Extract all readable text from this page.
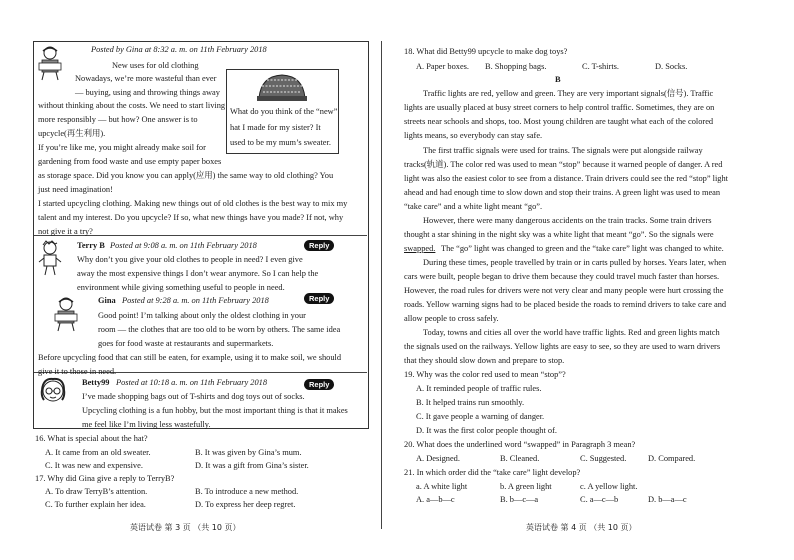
Posted by Gina at 8:32 a. m. on 11th February 2018
New uses for old clothing
What do you think of the “new”
hat I made for my sister? It
used to be my mum’s sweater.
Nowadays, we’re more wasteful than ever
— buying, using and throwing things away
without thinking about the costs. We need to start living
more responsibly — but how? One answer is to
upcycle(再生利用).
If you’re like me, you might already make soil for
gardening from food waste and use empty paper boxes
as storage space. Did you know you can apply(应用) the same way to old clothing? You
just need imagination!
I started upcycling clothing. Making new things out of old clothes is the best way to mix my
talent and my interest. Do you upcycle? If so, what new things have you made? If not, why
not give it a try?
Terry B Posted at 9:08 a. m. on 11th February 2018	Reply
Why don’t you give your old clothes to people in need? I even give
away the most expensive things I don’t wear anymore. So I can help the
environment while giving something useful to people in need.
Gina Posted at 9:28 a. m. on 11th February 2018	Reply
Good point! I’m talking about only the oldest clothing in your
room — the clothes that are too old to be worn by others. The same idea
goes for food waste at restaurants and supermarkets.
Before upcycling food that can still be eaten, for example, using it to make soil, we should
give it to those in need.
Betty99 Posted at 10:18 a. m. on 11th February 2018	Reply
I’ve made shopping bags out of T-shirts and dog toys out of socks.
Upcycling clothing is a fun hobby, but the most important thing is that it makes
me feel like I’m living less wastefully.
16. What is special about the hat?
A. It came from an old sweater.	B. It was given by Gina’s mum.
C. It was new and expensive.	D. It was a gift from Gina’s sister.
17. Why did Gina give a reply to TerryB?
A. To draw TerryB’s attention.	B. To introduce a new method.
C. To further explain her idea.	D. To express her deep regret.
英语试卷 第 3 页 （共 10 页）
18. What did Betty99 upcycle to make dog toys?
A. Paper boxes. B. Shopping bags.	C. T-shirts.	D. Socks.
B
Traffic lights are red, yellow and green. They are very important signals(信号). Traffic
lights are usually placed at busy street corners to help control traffic. Sometimes, they are on
streets near schools and shops, too. Most young children are taught what each of the colored
lights means, so everybody can stay safe.
The first traffic signals were used for trains. The signals were put alongside railway
tracks(轨道). The color red was used to mean “stop” because it warned people of danger. A red
light was also the easiest color to see from a distance. Train drivers could see the red “stop” light
ahead and had enough time to slow down and stop their trains. A green light was used to mean
“take care” and a white light meant “go”.
However, there were many dangerous accidents on the train tracks. Some train drivers
thought a star shining in the night sky was a white light that meant “go”. So the signals were
swapped. The “go” light was changed to green and the “take care” light was changed to white.
During these times, people travelled by train or in carts pulled by horses. Years later, when
cars were built, people began to drive them because they could travel much faster than horses.
However, the road rules for drivers were not very clear and many people were hurt crossing the
roads. Yellow warning signs had to be placed beside the roads to remind drivers to take care and
allow people to cross safely.
Today, towns and cities all over the world have traffic lights. Red and green lights match
the signals used on the railways. Yellow lights are easy to see, so they are used to warn drivers
that they should slow down and prepare to stop.
19. Why was the color red used to mean “stop”?
A. It reminded people of traffic rules.
B. It helped trains run smoothly.
C. It gave people a warning of danger.
D. It was the first color people thought of.
20. What does the underlined word “swapped” in Paragraph 3 mean?
A. Designed.	B. Cleaned.	C. Suggested.	D. Compared.
21. In which order did the “take care” light develop?
a. A white light	b. A green light	c. A yellow light.
A. a—b—c	B. b—c—a	C. a—c—b	D. b—a—c
英语试卷 第 4 页 （共 10 页）
